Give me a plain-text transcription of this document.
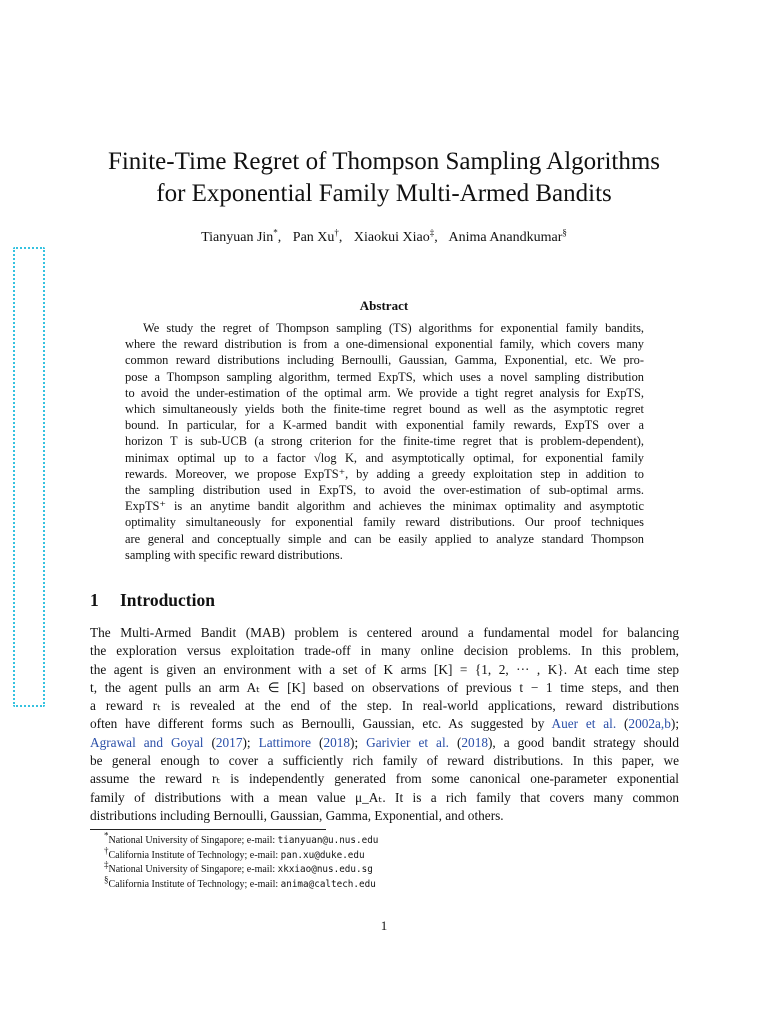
Finite-Time Regret of Thompson Sampling Algorithms
for Exponential Family Multi-Armed Bandits
Tianyuan Jin*, Pan Xu†, Xiaokui Xiao‡, Anima Anandkumar§
Abstract
We study the regret of Thompson sampling (TS) algorithms for exponential family bandits,
where the reward distribution is from a one-dimensional exponential family, which covers many
common reward distributions including Bernoulli, Gaussian, Gamma, Exponential, etc. We pro-
pose a Thompson sampling algorithm, termed ExpTS, which uses a novel sampling distribution
to avoid the under-estimation of the optimal arm. We provide a tight regret analysis for ExpTS,
which simultaneously yields both the finite-time regret bound as well as the asymptotic regret
bound. In particular, for a K-armed bandit with exponential family rewards, ExpTS over a
horizon T is sub-UCB (a strong criterion for the finite-time regret that is problem-dependent),
minimax optimal up to a factor √log K, and asymptotically optimal, for exponential family
rewards. Moreover, we propose ExpTS⁺, by adding a greedy exploitation step in addition to
the sampling distribution used in ExpTS, to avoid the over-estimation of sub-optimal arms.
ExpTS⁺ is an anytime bandit algorithm and achieves the minimax optimality and asymptotic
optimality simultaneously for exponential family reward distributions. Our proof techniques
are general and conceptually simple and can be easily applied to analyze standard Thompson
sampling with specific reward distributions.
1 Introduction
The Multi-Armed Bandit (MAB) problem is centered around a fundamental model for balancing
the exploration versus exploitation trade-off in many online decision problems. In this problem,
the agent is given an environment with a set of K arms [K] = {1, 2, ··· , K}. At each time step
t, the agent pulls an arm Aₜ ∈ [K] based on observations of previous t − 1 time steps, and then
a reward rₜ is revealed at the end of the step. In real-world applications, reward distributions
often have different forms such as Bernoulli, Gaussian, etc. As suggested by Auer et al. (2002a,b);
Agrawal and Goyal (2017); Lattimore (2018); Garivier et al. (2018), a good bandit strategy should
be general enough to cover a sufficiently rich family of reward distributions. In this paper, we
assume the reward rₜ is independently generated from some canonical one-parameter exponential
family of distributions with a mean value μ_Aₜ. It is a rich family that covers many common
distributions including Bernoulli, Gaussian, Gamma, Exponential, and others.
*National University of Singapore; e-mail: tianyuan@u.nus.edu
†California Institute of Technology; e-mail: pan.xu@duke.edu
‡National University of Singapore; e-mail: xkxiao@nus.edu.sg
§California Institute of Technology; e-mail: anima@caltech.edu
1
